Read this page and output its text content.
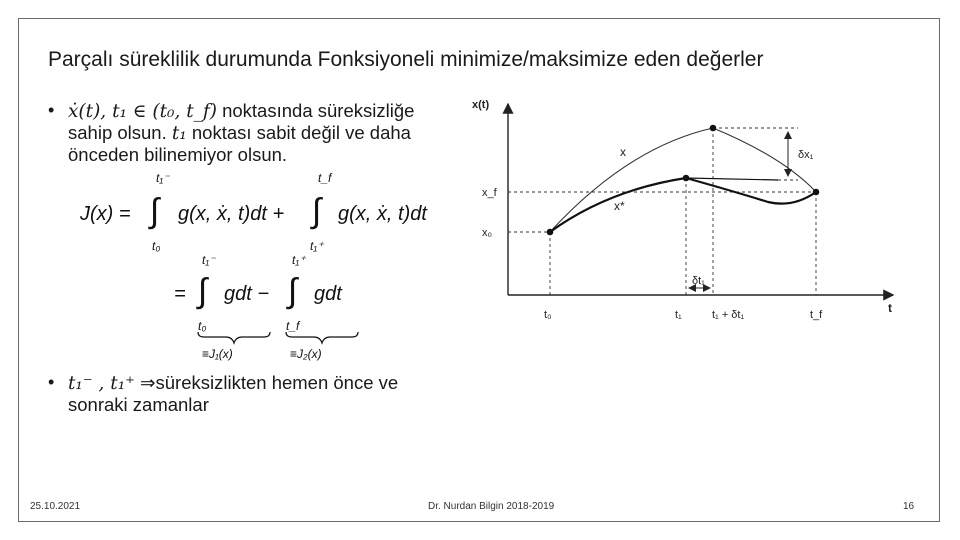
Parçalı süreklilik durumunda Fonksiyoneli minimize/maksimize eden değerler
• ẋ(t), t₁ ∈ (t₀, t_f) noktasında süreksizliğe
sahip olsun. t₁ noktası sabit değil ve daha
önceden bilinemiyor olsun.
J(x) =
t₁⁻
∫
t₀
g(x, ẋ, t)dt +
t_f
∫
t₁⁺
g(x, ẋ, t)dt
t₁⁻
= ∫
t₀
gdt −
t₁⁺
∫
t_f
gdt
≡J₁(x)	≡J₂(x)
• t₁⁻ , t₁⁺ ⇒süreksizlikten hemen önce ve
sonraki zamanlar
x(t)
t
δx₁
δt₁
x
x*
x_f
x₀
t₀	t₁	t₁ + δt₁	t_f
25.10.2021	Dr. Nurdan Bilgin 2018-2019	16
